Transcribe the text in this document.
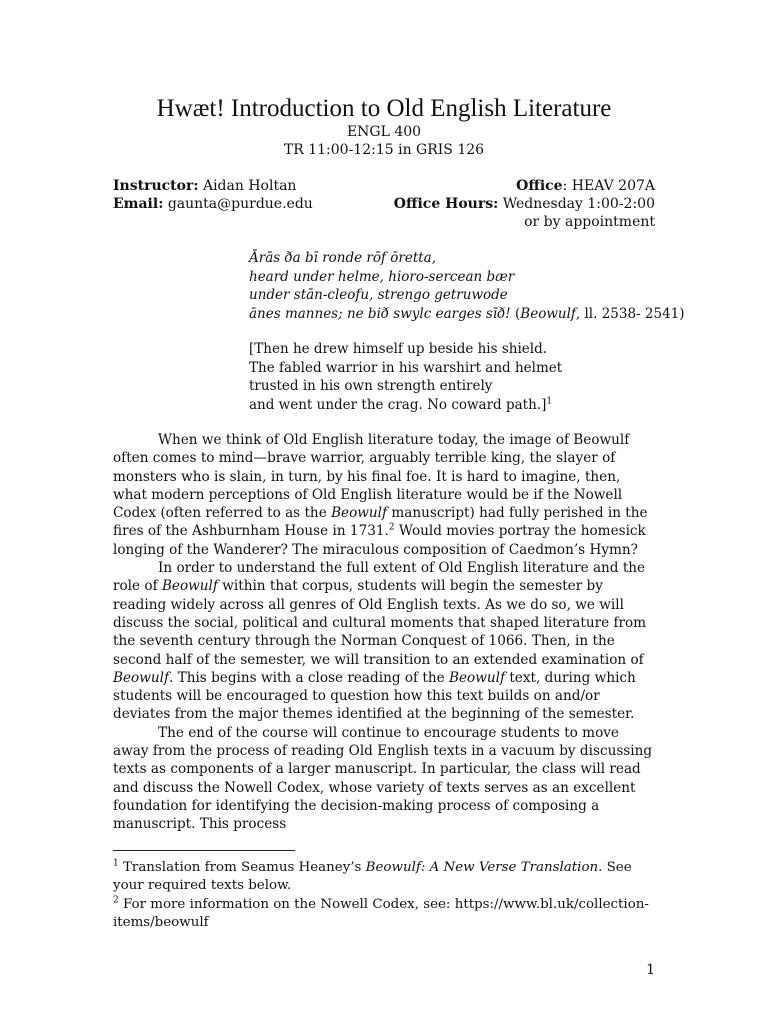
Hwæt! Introduction to Old English Literature
ENGL 400
TR 11:00-12:15 in GRIS 126
Instructor: Aidan Holtan
Email: gaunta@purdue.edu
Office: HEAV 207A
Office Hours: Wednesday 1:00-2:00
or by appointment
Ārās ða bī ronde rōf ōretta,
heard under helme, hioro-sercean bær
under stān-cleofu, strengo getruwode
ānes mannes; ne bið swylc earges sīð! (Beowulf, ll. 2538- 2541)
[Then he drew himself up beside his shield.
The fabled warrior in his warshirt and helmet
trusted in his own strength entirely
and went under the crag. No coward path.]$^1$

When we think of Old English literature today, the image of Beowulf often comes to mind—brave warrior, arguably terrible king, the slayer of monsters who is slain, in turn, by his final foe. It is hard to imagine, then, what modern perceptions of Old English literature would be if the Nowell Codex (often referred to as the Beowulf manuscript) had fully perished in the fires of the Ashburnham House in 1731.$^2$ Would movies portray the homesick longing of the Wanderer? The miraculous composition of Caedmon’s Hymn?

In order to understand the full extent of Old English literature and the role of Beowulf within that corpus, students will begin the semester by reading widely across all genres of Old English texts. As we do so, we will discuss the social, political and cultural moments that shaped literature from the seventh century through the Norman Conquest of 1066. Then, in the second half of the semester, we will transition to an extended examination of Beowulf. This begins with a close reading of the Beowulf text, during which students will be encouraged to question how this text builds on and/or deviates from the major themes identified at the beginning of the semester.

The end of the course will continue to encourage students to move away from the process of reading Old English texts in a vacuum by discussing texts as components of a larger manuscript. In particular, the class will read and discuss the Nowell Codex, whose variety of texts serves as an excellent foundation for identifying the decision-making process of composing a manuscript. This process

$^1$ Translation from Seamus Heaney’s Beowulf: A New Verse Translation. See your required texts below.

$^2$ For more information on the Nowell Codex, see: https://www.bl.uk/collection-items/beowulf

1
